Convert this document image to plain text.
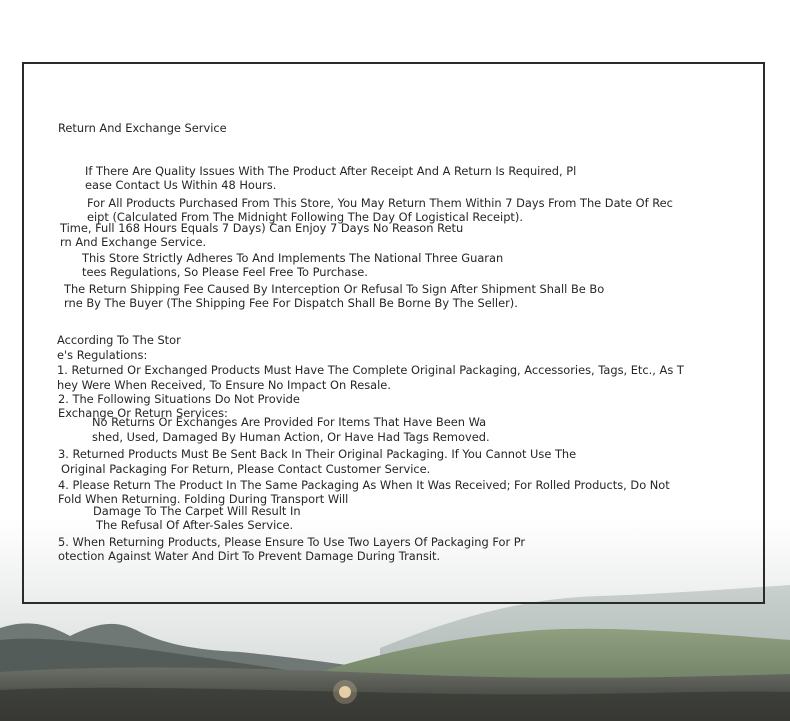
Return And Exchange Service

If There Are Quality Issues With The Product After Receipt And A Return Is Required, Pl

ease Contact Us Within 48 Hours.

For All Products Purchased From This Store, You May Return Them Within 7 Days From The Date Of Rec

eipt (Calculated From The Midnight Following The Day Of Logistical Receipt).

Time, Full 168 Hours Equals 7 Days) Can Enjoy 7 Days No Reason Retu

rn And Exchange Service.

This Store Strictly Adheres To And Implements The National Three Guaran

tees Regulations, So Please Feel Free To Purchase.

The Return Shipping Fee Caused By Interception Or Refusal To Sign After Shipment Shall Be Bo

rne By The Buyer (The Shipping Fee For Dispatch Shall Be Borne By The Seller).

According To The Stor

e's Regulations:

1. Returned Or Exchanged Products Must Have The Complete Original Packaging, Accessories, Tags, Etc., As T

hey Were When Received, To Ensure No Impact On Resale.

2. The Following Situations Do Not Provide

Exchange Or Return Services:

No Returns Or Exchanges Are Provided For Items That Have Been Wa

shed, Used, Damaged By Human Action, Or Have Had Tags Removed.

3. Returned Products Must Be Sent Back In Their Original Packaging. If You Cannot Use The

Original Packaging For Return, Please Contact Customer Service.

4. Please Return The Product In The Same Packaging As When It Was Received; For Rolled Products, Do Not

Fold When Returning. Folding During Transport Will

Damage To The Carpet Will Result In

The Refusal Of After-Sales Service.

5. When Returning Products, Please Ensure To Use Two Layers Of Packaging For Pr

otection Against Water And Dirt To Prevent Damage During Transit.
